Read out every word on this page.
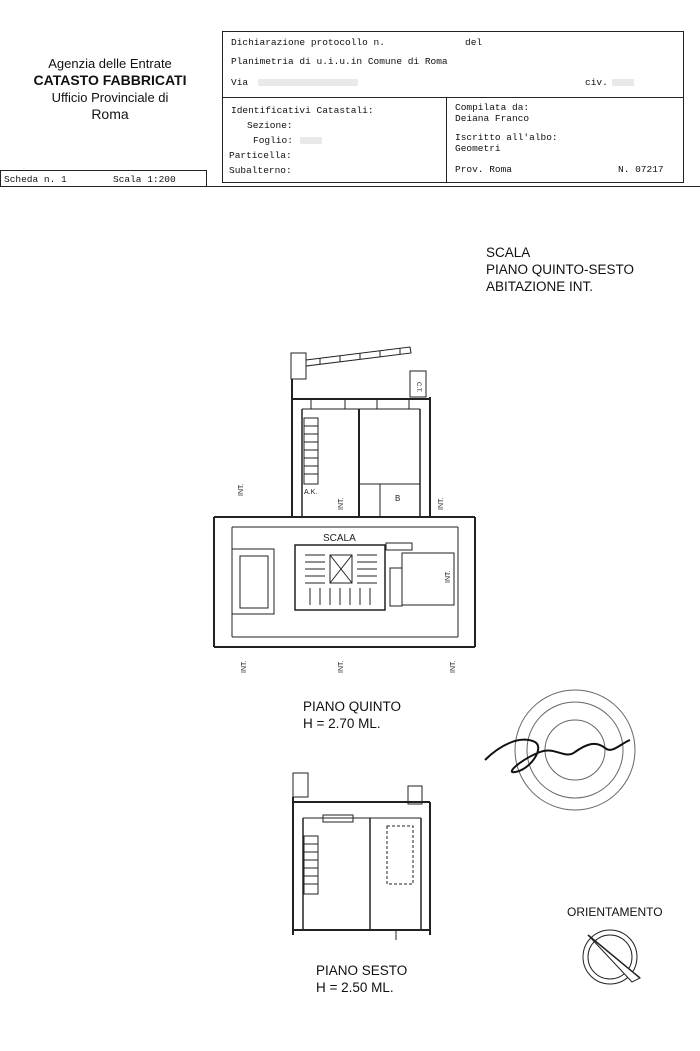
Agenzia delle Entrate
CATASTO FABBRICATI
Ufficio Provinciale di
Roma
Dichiarazione protocollo n.	del
Planimetria di u.i.u.in Comune di Roma
Via	civ.
Identificativi Catastali:
Sezione:
Foglio:
Particella:
Subalterno:
Compilata da:
Deiana Franco
Iscritto all'albo:
Geometri
Prov. Roma	N. 07217
Scheda n. 1	Scala 1:200
SCALA
PIANO QUINTO-SESTO
ABITAZIONE INT.
SCALA
A.K.
B
C.T.
INT.
INT.	INT.
INT.
INT.	INT.	INT.
PIANO QUINTO
H = 2.70 ML.
PIANO SESTO
H = 2.50 ML.
ORIENTAMENTO
